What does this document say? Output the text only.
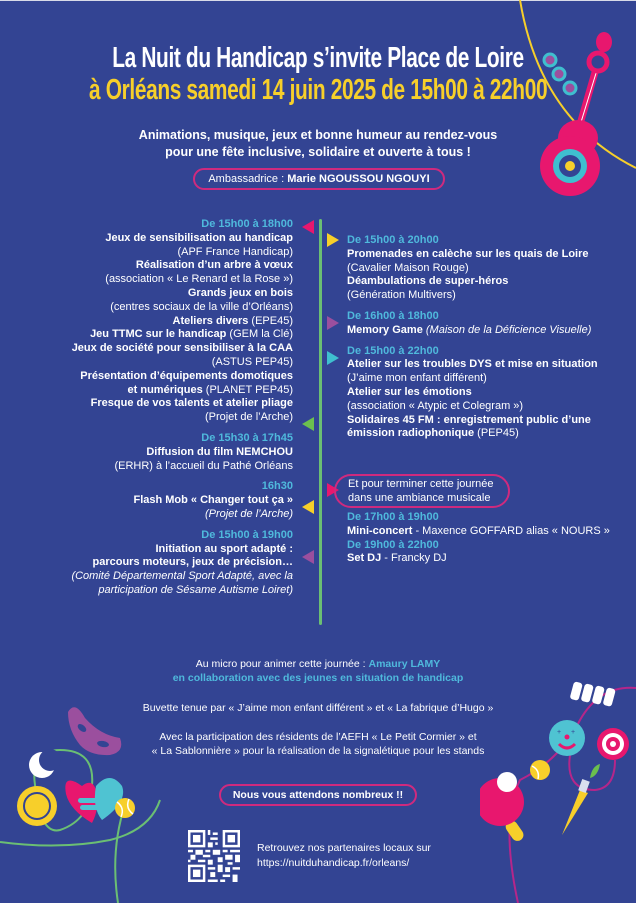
La Nuit du Handicap s’invite Place de Loire
à Orléans samedi 14 juin 2025 de 15h00 à 22h00
Animations, musique, jeux et bonne humeur au rendez-vous
pour une fête inclusive, solidaire et ouverte à tous !
Ambassadrice : Marie NGOUSSOU NGOUYI
De 15h00 à 18h00
Jeux de sensibilisation au handicap
(APF France Handicap)
Réalisation d’un arbre à vœux
(association « Le Renard et la Rose »)
Grands jeux en bois
(centres sociaux de la ville d’Orléans)
Ateliers divers (EPE45)
Jeu TTMC sur le handicap (GEM la Clé)
Jeux de société pour sensibiliser à la CAA
(ASTUS PEP45)
Présentation d’équipements domotiques
et numériques (PLANET PEP45)
Fresque de vos talents et atelier pliage
(Projet de l’Arche)
De 15h30 à 17h45
Diffusion du film NEMCHOU
(ERHR) à l’accueil du Pathé Orléans
16h30
Flash Mob « Changer tout ça »
(Projet de l’Arche)
De 15h00 à 19h00
Initiation au sport adapté :
parcours moteurs, jeux de précision…
(Comité Départemental Sport Adapté, avec la
participation de Sésame Autisme Loiret)
De 15h00 à 20h00
Promenades en calèche sur les quais de Loire
(Cavalier Maison Rouge)
Déambulations de super-héros
(Génération Multivers)
De 16h00 à 18h00
Memory Game (Maison de la Déficience Visuelle)
De 15h00 à 22h00
Atelier sur les troubles DYS et mise en situation
(J’aime mon enfant différent)
Atelier sur les émotions
(association « Atypic et Colegram »)
Solidaires 45 FM : enregistrement public d’une
émission radiophonique (PEP45)
Et pour terminer cette journée
dans une ambiance musicale
De 17h00 à 19h00
Mini-concert - Maxence GOFFARD alias « NOURS »
De 19h00 à 22h00
Set DJ - Francky DJ
Au micro pour animer cette journée : Amaury LAMY
en collaboration avec des jeunes en situation de handicap
Buvette tenue par « J’aime mon enfant différent » et « La fabrique d’Hugo »
Avec la participation des résidents de l’AEFH « Le Petit Cormier » et
« La Sablonnière » pour la réalisation de la signalétique pour les stands
Nous vous attendons nombreux !!
Retrouvez nos partenaires locaux sur
https://nuitduhandicap.fr/orleans/
+ +
